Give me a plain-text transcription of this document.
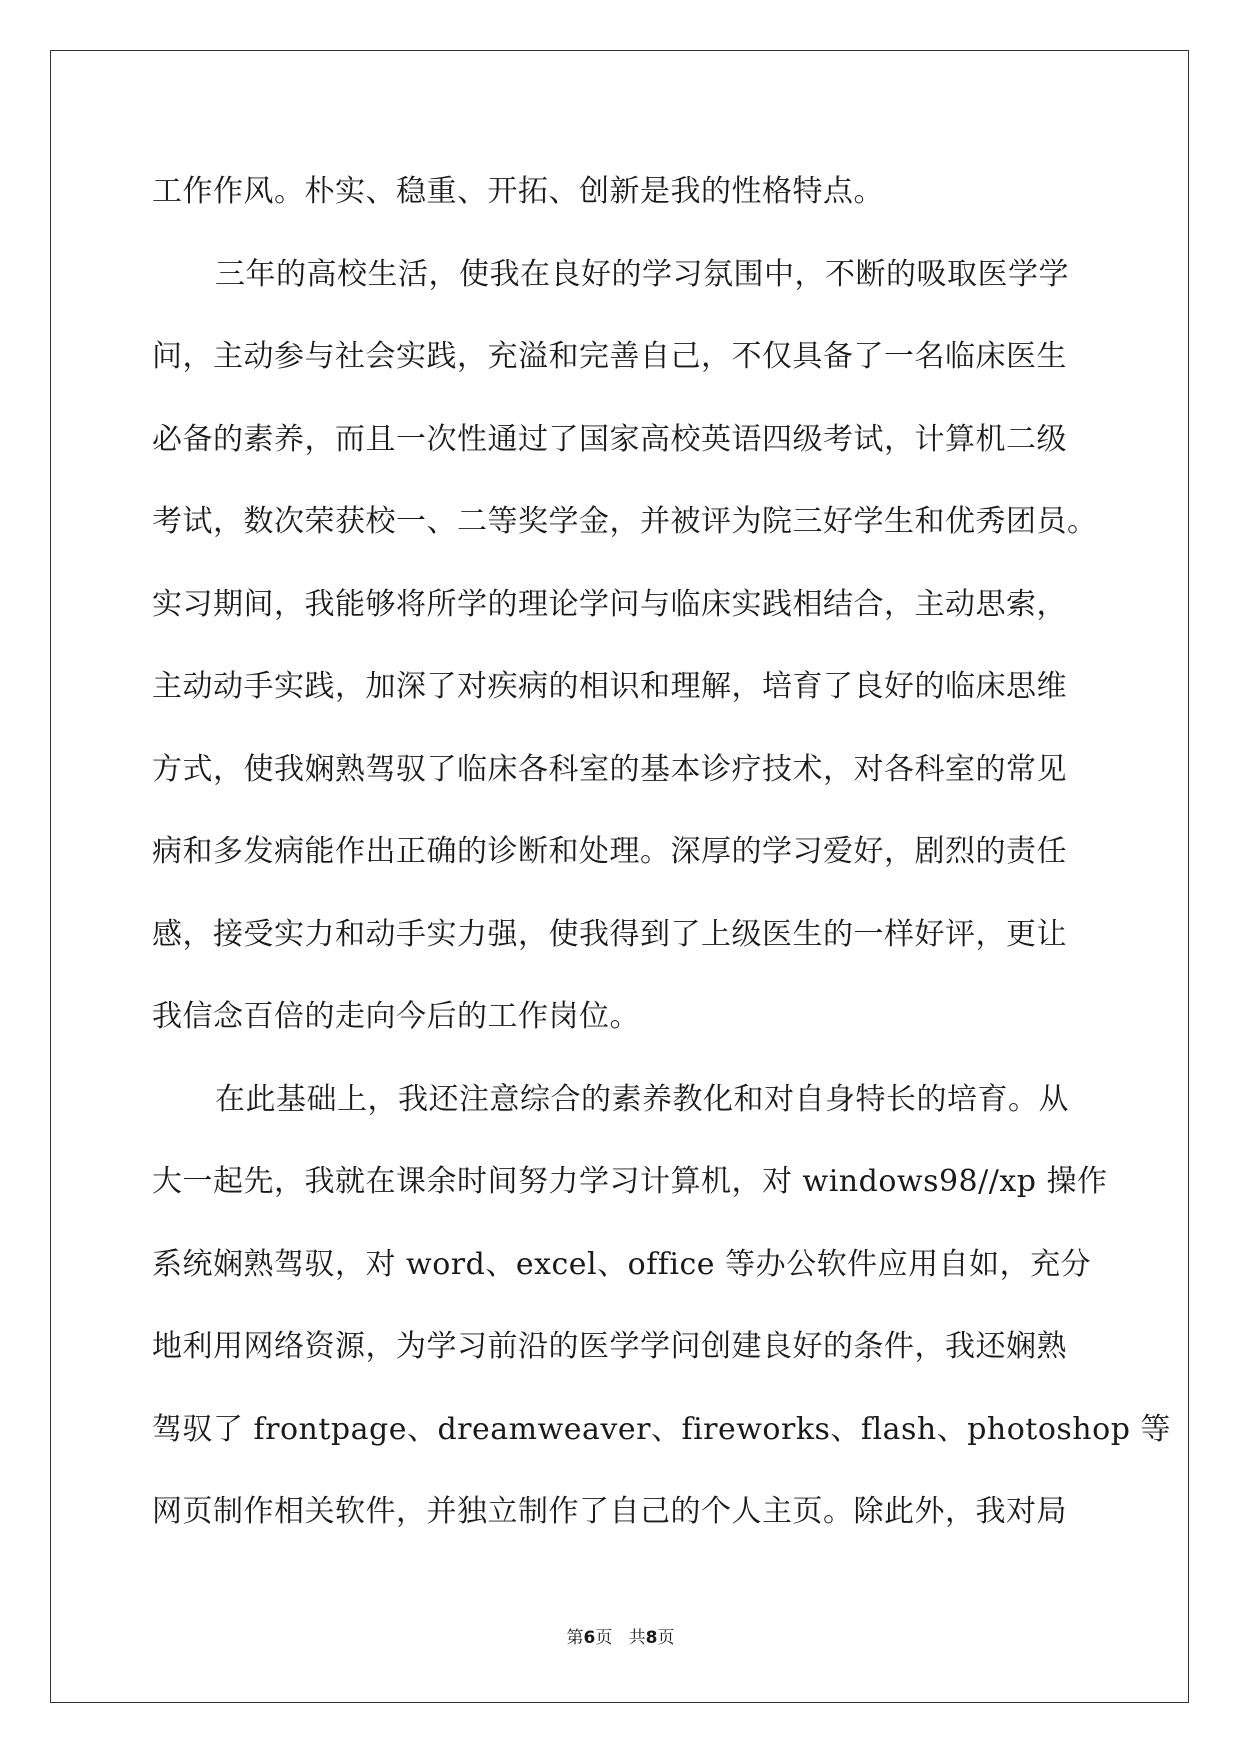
工作作风。朴实、稳重、开拓、创新是我的性格特点。
三年的高校生活，使我在良好的学习氛围中，不断的吸取医学学
问，主动参与社会实践，充溢和完善自己，不仅具备了一名临床医生
必备的素养，而且一次性通过了国家高校英语四级考试，计算机二级
考试，数次荣获校一、二等奖学金，并被评为院三好学生和优秀团员。
实习期间，我能够将所学的理论学问与临床实践相结合，主动思索，
主动动手实践，加深了对疾病的相识和理解，培育了良好的临床思维
方式，使我娴熟驾驭了临床各科室的基本诊疗技术，对各科室的常见
病和多发病能作出正确的诊断和处理。深厚的学习爱好，剧烈的责任
感，接受实力和动手实力强，使我得到了上级医生的一样好评，更让
我信念百倍的走向今后的工作岗位。
在此基础上，我还注意综合的素养教化和对自身特长的培育。从
大一起先，我就在课余时间努力学习计算机，对 windows98//xp 操作
系统娴熟驾驭，对 word、excel、office 等办公软件应用自如，充分
地利用网络资源，为学习前沿的医学学问创建良好的条件，我还娴熟
驾驭了 frontpage、dreamweaver、fireworks、flash、photoshop 等
网页制作相关软件，并独立制作了自己的个人主页。除此外，我对局
第6页 共8页
